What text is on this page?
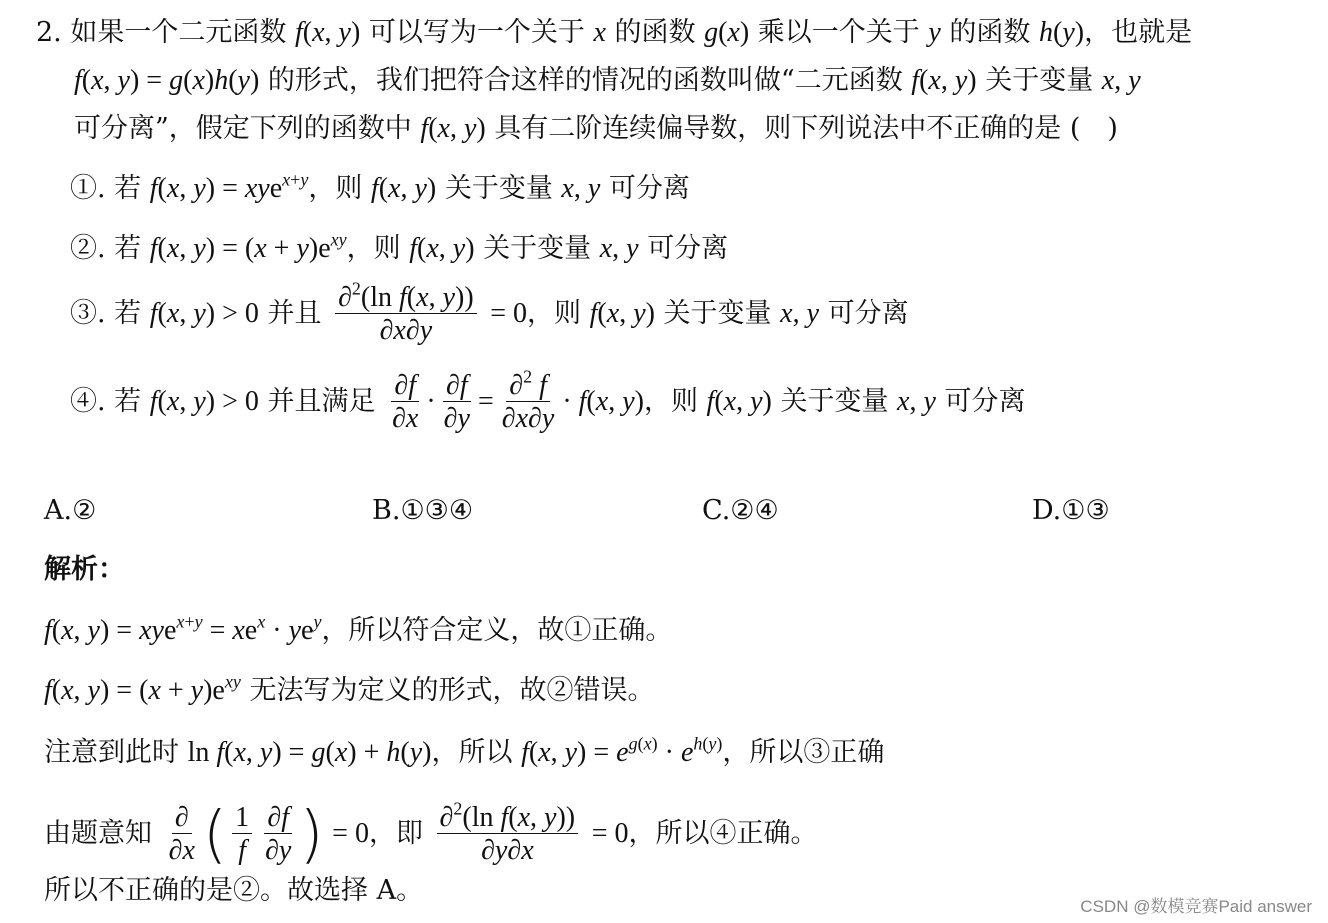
2. 如果一个二元函数 f(x, y) 可以写为一个关于 x 的函数 g(x) 乘以一个关于 y 的函数 h(y)，也就是
f(x, y) = g(x)h(y) 的形式，我们把符合这样的情况的函数叫做“二元函数 f(x, y) 关于变量 x, y
可分离”，假定下列的函数中 f(x, y) 具有二阶连续偏导数，则下列说法中不正确的是 (　)
①. 若 f(x, y) = xye$^{x+y}$，则 f(x, y) 关于变量 x, y 可分离
②. 若 f(x, $y) = (x + y)e^{xy}$，则 f(x, y) 关于变量 x, y 可分离
③. 若 f(x, y) > 0 并且 $\frac{\partial^2(\ln f(x, y))}{\partial x\partial y} = 0$，则 f(x, y) 关于变量 x, y 可分离
④. 若 f(x, y) > 0 并且满足 $\frac{\partial f}{\partial x} \cdot \frac{\partial f}{\partial y} = \frac{\partial^2 f}{\partial x\partial y} \cdot f(x$, y)，则 f(x, y) 关于变量 x, y 可分离
A.②	B.①③④	C.②④	D.①③
解析：
f(x, $y) = xye^{x+y} = xe^x \cdot ye^y$，所以符合定义，故①正确。
f(x, $y) = (x + y)e^{xy}$ 无法写为定义的形式，故②错误。
注意到此时 ln f(x, y) = g(x) + h(y)，所以 f(x, $y) = e^{g(x)} \cdot e^{h(y)}$，所以③正确
由题意知 $\frac{\partial}{\partial x}$ ( $\frac{1}{f} \frac{\partial f}{\partial y}$ ) = 0，即 $\frac{\partial^2(\ln f(x, y))}{\partial y\partial x} = 0$，所以④正确。
所以不正确的是②。故选择 A。
CSDN @数模竞赛Paid answer
